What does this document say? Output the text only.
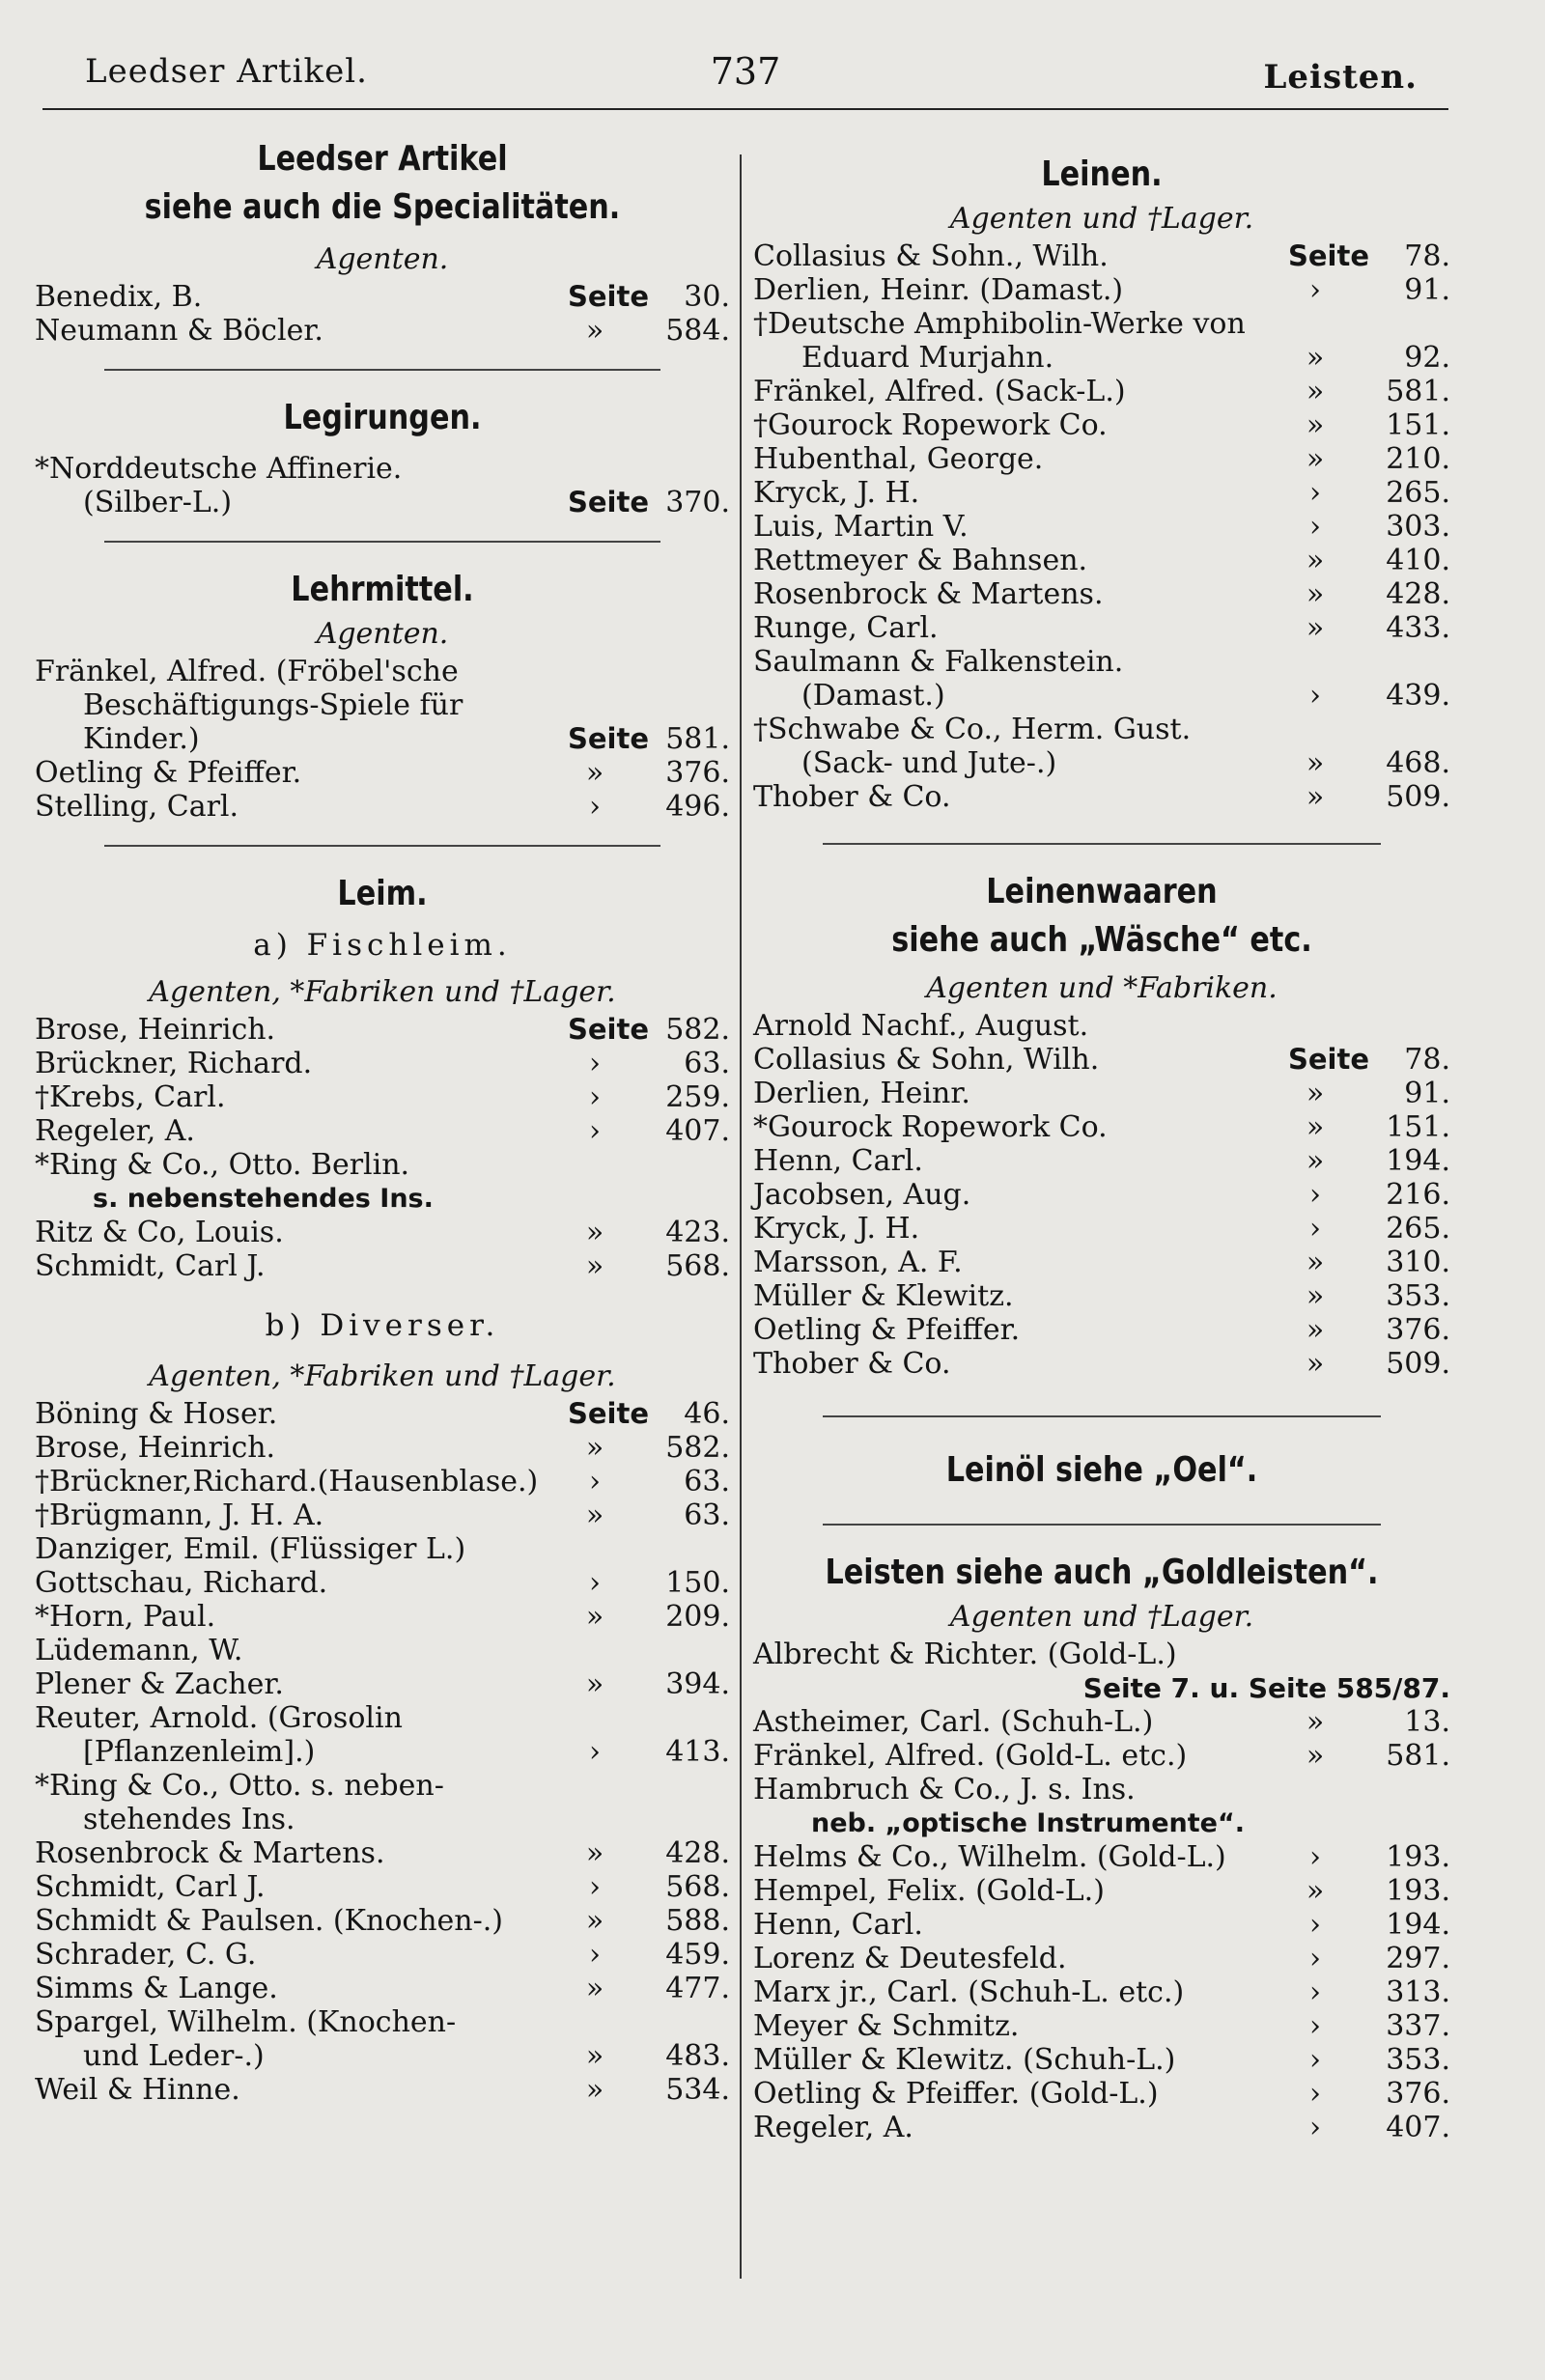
Leedser Artikel.	737	Leisten.
Leedser Artikel
siehe auch die Specialitäten.
Agenten.
Benedix, B.	Seite 30.
Neumann & Böcler.	»	584.
Legirungen.
*Norddeutsche Affinerie.
(Silber-L.)	Seite 370.
Lehrmittel.
Agenten.
Fränkel, Alfred. (Fröbel'sche
Beschäftigungs-Spiele für
Kinder.)	Seite 581.
Oetling & Pfeiffer.	»	376.
Stelling, Carl.	›	496.
Leim.
a) Fischleim.
Agenten, *Fabriken und †Lager.
Brose, Heinrich.	Seite 582.
Brückner, Richard.	›	63.
†Krebs, Carl.	›	259.
Regeler, A.	›	407.
*Ring & Co., Otto. Berlin.
s. nebenstehendes Ins.
Ritz & Co, Louis.	»	423.
Schmidt, Carl J.	»	568.
b) Diverser.
Agenten, *Fabriken und †Lager.
Böning & Hoser.	Seite 46.
Brose, Heinrich.	»	582.
†Brückner,Richard.(Hausenblase.)	›	63.
†Brügmann, J. H. A.	»	63.
Danziger, Emil. (Flüssiger L.)
Gottschau, Richard.	›	150.
*Horn, Paul.	»	209.
Lüdemann, W.
Plener & Zacher.	»	394.
Reuter, Arnold. (Grosolin
[Pflanzenleim].)	›	413.
*Ring & Co., Otto. s. neben-
stehendes Ins.
Rosenbrock & Martens.	»	428.
Schmidt, Carl J.	›	568.
Schmidt & Paulsen. (Knochen-.)	»	588.
Schrader, C. G.	›	459.
Simms & Lange.	»	477.
Spargel, Wilhelm. (Knochen-
und Leder-.)	»	483.
Weil & Hinne.	»	534.
Leinen.
Agenten und †Lager.
Collasius & Sohn., Wilh.	Seite 78.
Derlien, Heinr. (Damast.)	›	91.
†Deutsche Amphibolin-Werke von
Eduard Murjahn.	»	92.
Fränkel, Alfred. (Sack-L.)	»	581.
†Gourock Ropework Co.	»	151.
Hubenthal, George.	»	210.
Kryck, J. H.	›	265.
Luis, Martin V.	›	303.
Rettmeyer & Bahnsen.	»	410.
Rosenbrock & Martens.	»	428.
Runge, Carl.	»	433.
Saulmann & Falkenstein.
(Damast.)	›	439.
†Schwabe & Co., Herm. Gust.
(Sack- und Jute-.)	»	468.
Thober & Co.	»	509.
Leinenwaaren
siehe auch „Wäsche“ etc.
Agenten und *Fabriken.
Arnold Nachf., August.
Collasius & Sohn, Wilh.	Seite 78.
Derlien, Heinr.	»	91.
*Gourock Ropework Co.	»	151.
Henn, Carl.	»	194.
Jacobsen, Aug.	›	216.
Kryck, J. H.	›	265.
Marsson, A. F.	»	310.
Müller & Klewitz.	»	353.
Oetling & Pfeiffer.	»	376.
Thober & Co.	»	509.
Leinöl siehe „Oel“.
Leisten siehe auch „Goldleisten“.
Agenten und †Lager.
Albrecht & Richter. (Gold-L.)
Seite 7. u. Seite 585/87.
Astheimer, Carl. (Schuh-L.)	»	13.
Fränkel, Alfred. (Gold-L. etc.)	»	581.
Hambruch & Co., J. s. Ins.
neb. „optische Instrumente“.
Helms & Co., Wilhelm. (Gold-L.)	›	193.
Hempel, Felix. (Gold-L.)	»	193.
Henn, Carl.	›	194.
Lorenz & Deutesfeld.	›	297.
Marx jr., Carl. (Schuh-L. etc.)	›	313.
Meyer & Schmitz.	›	337.
Müller & Klewitz. (Schuh-L.)	›	353.
Oetling & Pfeiffer. (Gold-L.)	›	376.
Regeler, A.	›	407.
